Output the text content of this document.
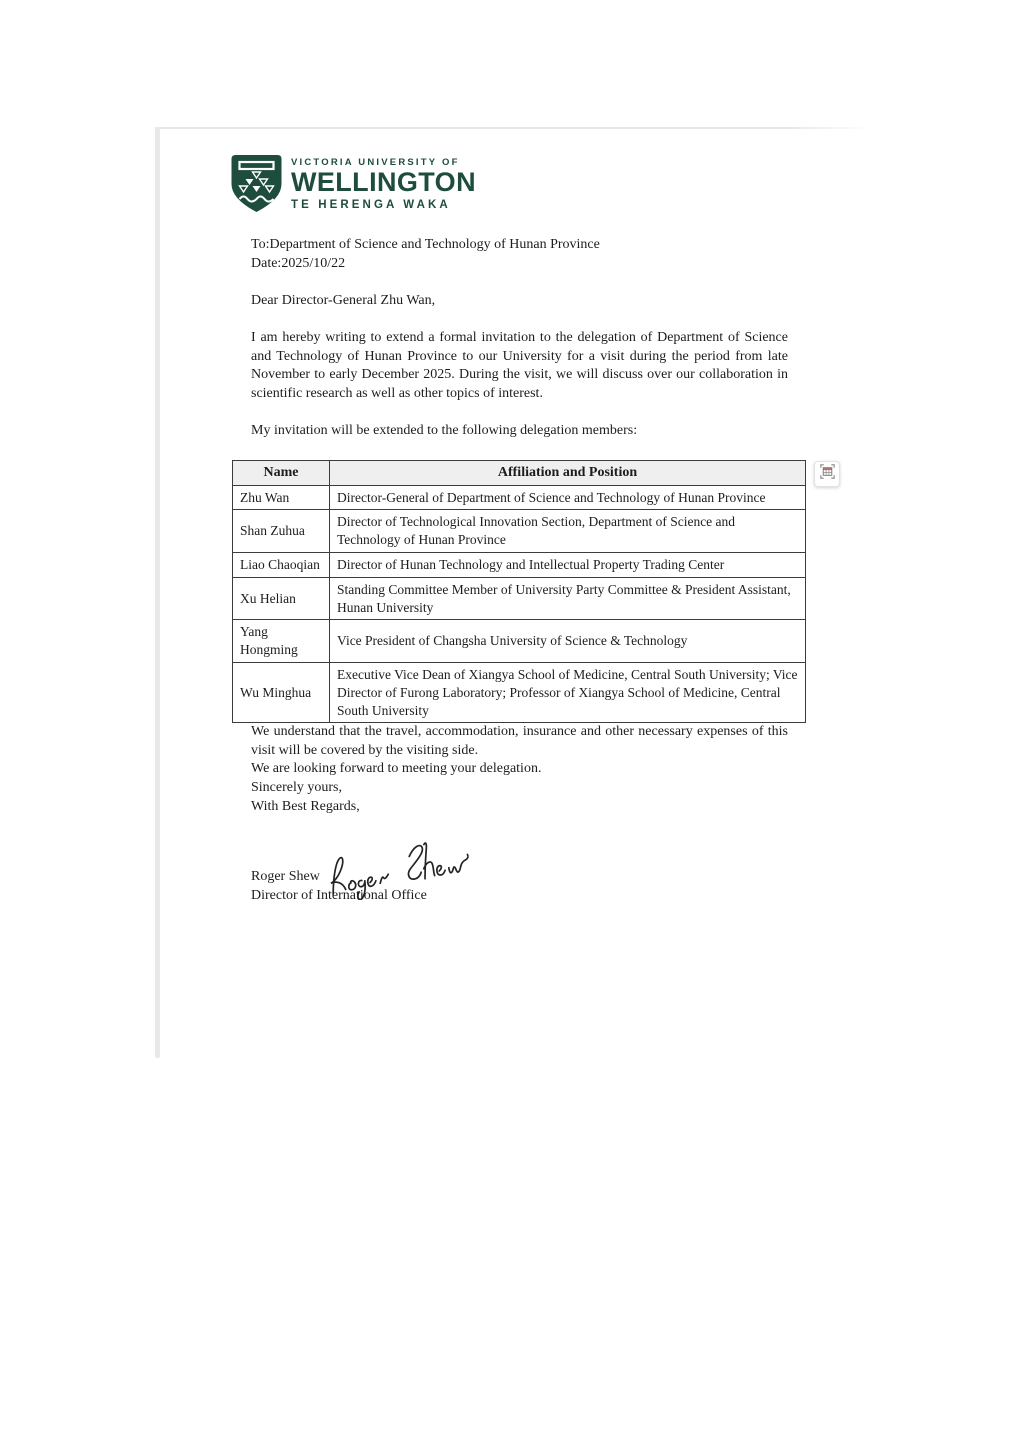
VICTORIA UNIVERSITY OF
WELLINGTON
TE HERENGA WAKA

To:Department of Science and Technology of Hunan Province

Date:2025/10/22

Dear Director-General Zhu Wan,

I am hereby writing to extend a formal invitation to the delegation of Department of Science and Technology of Hunan Province to our University for a visit during the period from late November to early December 2025. During the visit, we will discuss over our collaboration in scientific research as well as other topics of interest.

My invitation will be extended to the following delegation members:

Name	Affiliation and Position
Zhu Wan	Director-General of Department of Science and Technology of Hunan Province
Shan Zuhua	Director of Technological Innovation Section, Department of Science and Technology of Hunan Province
Liao Chaoqian	Director of Hunan Technology and Intellectual Property Trading Center
Xu Helian	Standing Committee Member of University Party Committee & President Assistant, Hunan University
Yang Hongming	Vice President of Changsha University of Science & Technology
Wu Minghua	Executive Vice Dean of Xiangya School of Medicine, Central South University; Vice Director of Furong Laboratory; Professor of Xiangya School of Medicine, Central South University

We understand that the travel, accommodation, insurance and other necessary expenses of this visit will be covered by the visiting side.

We are looking forward to meeting your delegation.

Sincerely yours,

With Best Regards,

Roger Shew

Director of International Office
